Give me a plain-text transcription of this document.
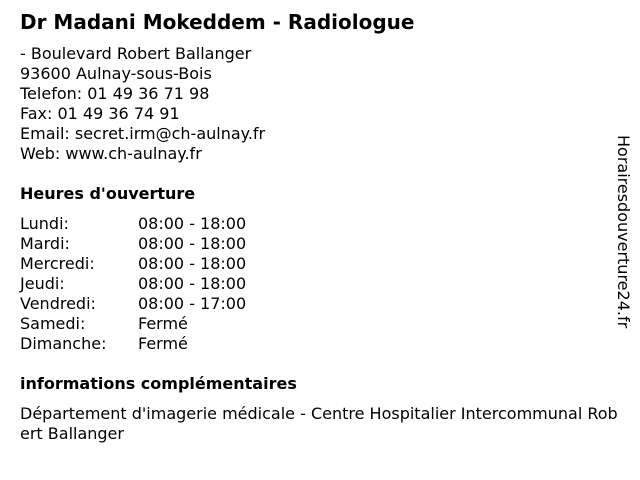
Dr Madani Mokeddem - Radiologue
- Boulevard Robert Ballanger
93600 Aulnay-sous-Bois
Telefon: 01 49 36 71 98
Fax: 01 49 36 74 91
Email: secret.irm@ch-aulnay.fr
Web: www.ch-aulnay.fr
Heures d'ouverture
Lundi:	08:00 - 18:00
Mardi:	08:00 - 18:00
Mercredi:	08:00 - 18:00
Jeudi:	08:00 - 18:00
Vendredi:	08:00 - 17:00
Samedi:	Fermé
Dimanche: Fermé
informations complémentaires
Département d'imagerie médicale - Centre Hospitalier Intercommunal Robert Ballanger
Horairesdouverture24.fr
